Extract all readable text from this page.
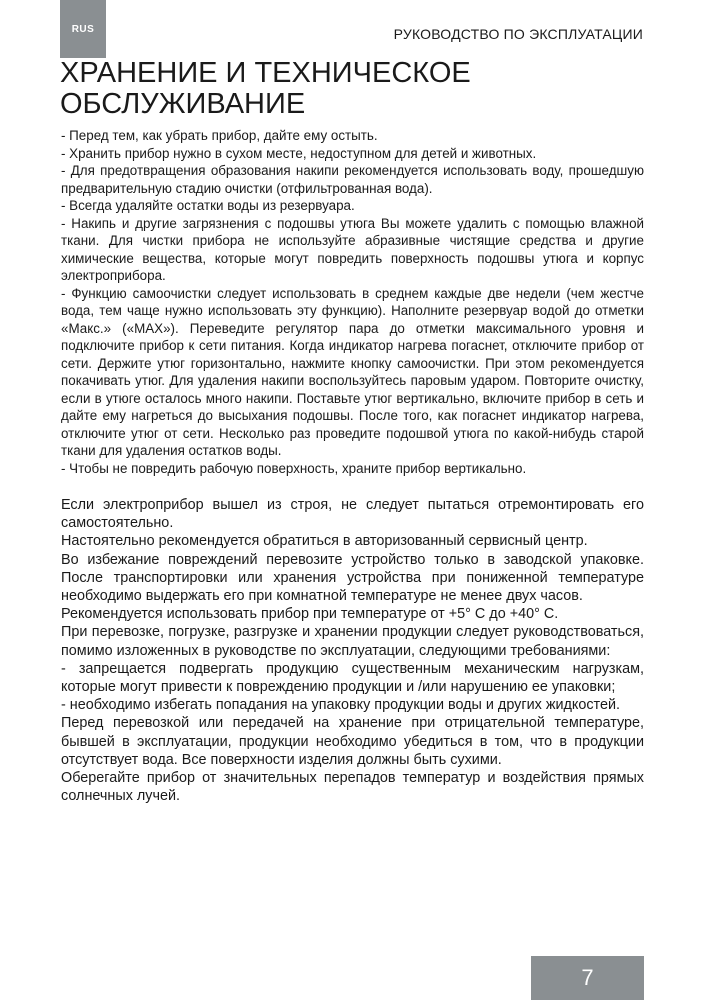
RUS	РУКОВОДСТВО ПО ЭКСПЛУАТАЦИИ
ХРАНЕНИЕ И ТЕХНИЧЕСКОЕ
ОБСЛУЖИВАНИЕ

- Перед тем, как убрать прибор, дайте ему остыть.

- Хранить прибор нужно в сухом месте, недоступном для детей и животных.

- Для предотвращения образования накипи рекомендуется использовать воду, прошедшую предварительную стадию очистки (отфильтрованная вода).

- Всегда удаляйте остатки воды из резервуара.

- Накипь и другие загрязнения с подошвы утюга Вы можете удалить с помощью влажной ткани. Для чистки прибора не используйте абразивные чистящие средства и другие химические вещества, которые могут повредить поверхность подошвы утюга и корпус электроприбора.

- Функцию самоочистки следует использовать в среднем каждые две недели (чем жестче вода, тем чаще нужно использовать эту функцию). Наполните резервуар водой до отметки «Макс.» («MAX»). Переведите регулятор пара до отметки максимального уровня и подключите прибор к сети питания. Когда индикатор нагрева погаснет, отключите прибор от сети. Держите утюг горизонтально, нажмите кнопку самоочистки. При этом рекомендуется покачивать утюг. Для удаления накипи воспользуйтесь паровым ударом. Повторите очистку, если в утюге осталось много накипи. Поставьте утюг вертикально, включите прибор в сеть и дайте ему нагреться до высыхания подошвы. После того, как погаснет индикатор нагрева, отключите утюг от сети. Несколько раз проведите подошвой утюга по какой-нибудь старой ткани для удаления остатков воды.

- Чтобы не повредить рабочую поверхность, храните прибор вертикально.

Если электроприбор вышел из строя, не следует пытаться отремонтировать его самостоятельно.

Настоятельно рекомендуется обратиться в авторизованный сервисный центр.

Во избежание повреждений перевозите устройство только в заводской упаковке. После транспортировки или хранения устройства при пониженной температуре необходимо выдержать его при комнатной температуре не менее двух часов.

Рекомендуется использовать прибор при температуре от +5° С до +40° С.

При перевозке, погрузке, разгрузке и хранении продукции следует руководствоваться, помимо изложенных в руководстве по эксплуатации, следующими требованиями:

- запрещается подвергать продукцию существенным механическим нагрузкам, которые могут привести к повреждению продукции и /или нарушению ее упаковки;

- необходимо избегать попадания на упаковку продукции воды и других жидкостей.

Перед перевозкой или передачей на хранение при отрицательной температуре, бывшей в эксплуатации, продукции необходимо убедиться в том, что в продукции отсутствует вода. Все поверхности изделия должны быть сухими.

Оберегайте прибор от значительных перепадов температур и воздействия прямых солнечных лучей.

7
